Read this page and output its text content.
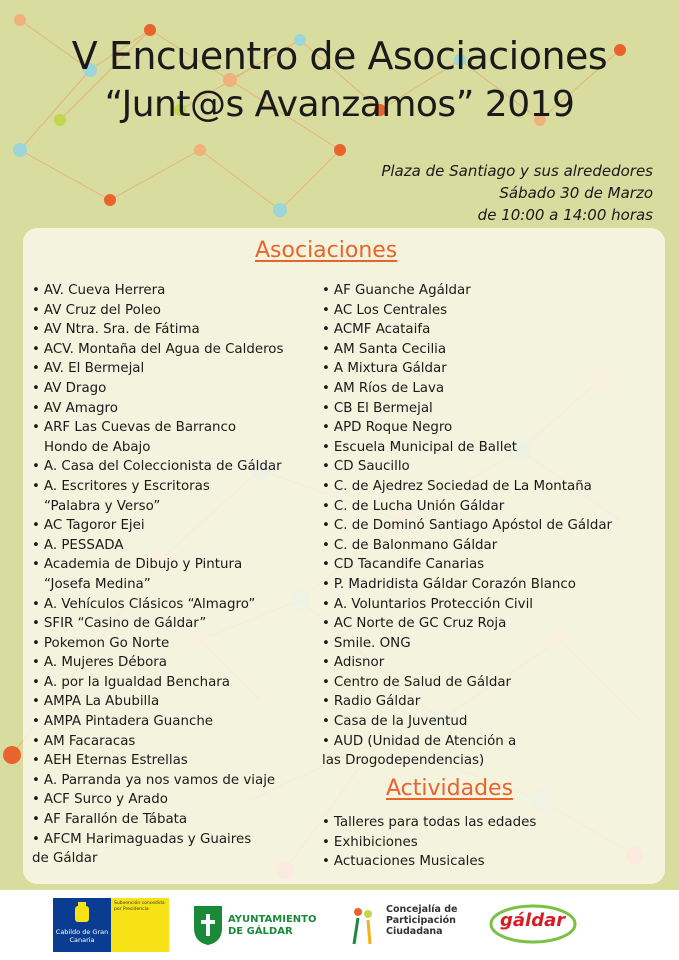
V Encuentro de Asociaciones
“Junt@s Avanzamos” 2019
Plaza de Santiago y sus alrededores
Sábado 30 de Marzo
de 10:00 a 14:00 horas
Asociaciones
• AV. Cueva Herrera
• AV Cruz del Poleo
• AV Ntra. Sra. de Fátima
• ACV. Montaña del Agua de Calderos
• AV. El Bermejal
• AV Drago
• AV Amagro
• ARF Las Cuevas de Barranco
Hondo de Abajo
• A. Casa del Coleccionista de Gáldar
• A. Escritores y Escritoras
“Palabra y Verso”
• AC Tagoror Ejei
• A. PESSADA
• Academia de Dibujo y Pintura
“Josefa Medina”
• A. Vehículos Clásicos “Almagro”
• SFIR “Casino de Gáldar”
• Pokemon Go Norte
• A. Mujeres Débora
• A. por la Igualdad Benchara
• AMPA La Abubilla
• AMPA Pintadera Guanche
• AM Facaracas
• AEH Eternas Estrellas
• A. Parranda ya nos vamos de viaje
• ACF Surco y Arado
• AF Farallón de Tábata
• AFCM Harimaguadas y Guaires
de Gáldar
• AF Guanche Agáldar
• AC Los Centrales
• ACMF Acataifa
• AM Santa Cecilia
• A Mixtura Gáldar
• AM Ríos de Lava
• CB El Bermejal
• APD Roque Negro
• Escuela Municipal de Ballet
• CD Saucillo
• C. de Ajedrez Sociedad de La Montaña
• C. de Lucha Unión Gáldar
• C. de Dominó Santiago Apóstol de Gáldar
• C. de Balonmano Gáldar
• CD Tacandife Canarias
• P. Madridista Gáldar Corazón Blanco
• A. Voluntarios Protección Civil
• AC Norte de GC Cruz Roja
• Smile. ONG
• Adisnor
• Centro de Salud de Gáldar
• Radio Gáldar
• Casa de la Juventud
• AUD (Unidad de Atención a
las Drogodependencias)
Actividades
• Talleres para todas las edades
• Exhibiciones
• Actuaciones Musicales
Cabildo de Gran Canaria
Subvención concedida por Presidencia
AYUNTAMIENTO DE GÁLDAR
Concejalía de Participación Ciudadana
gáldar
